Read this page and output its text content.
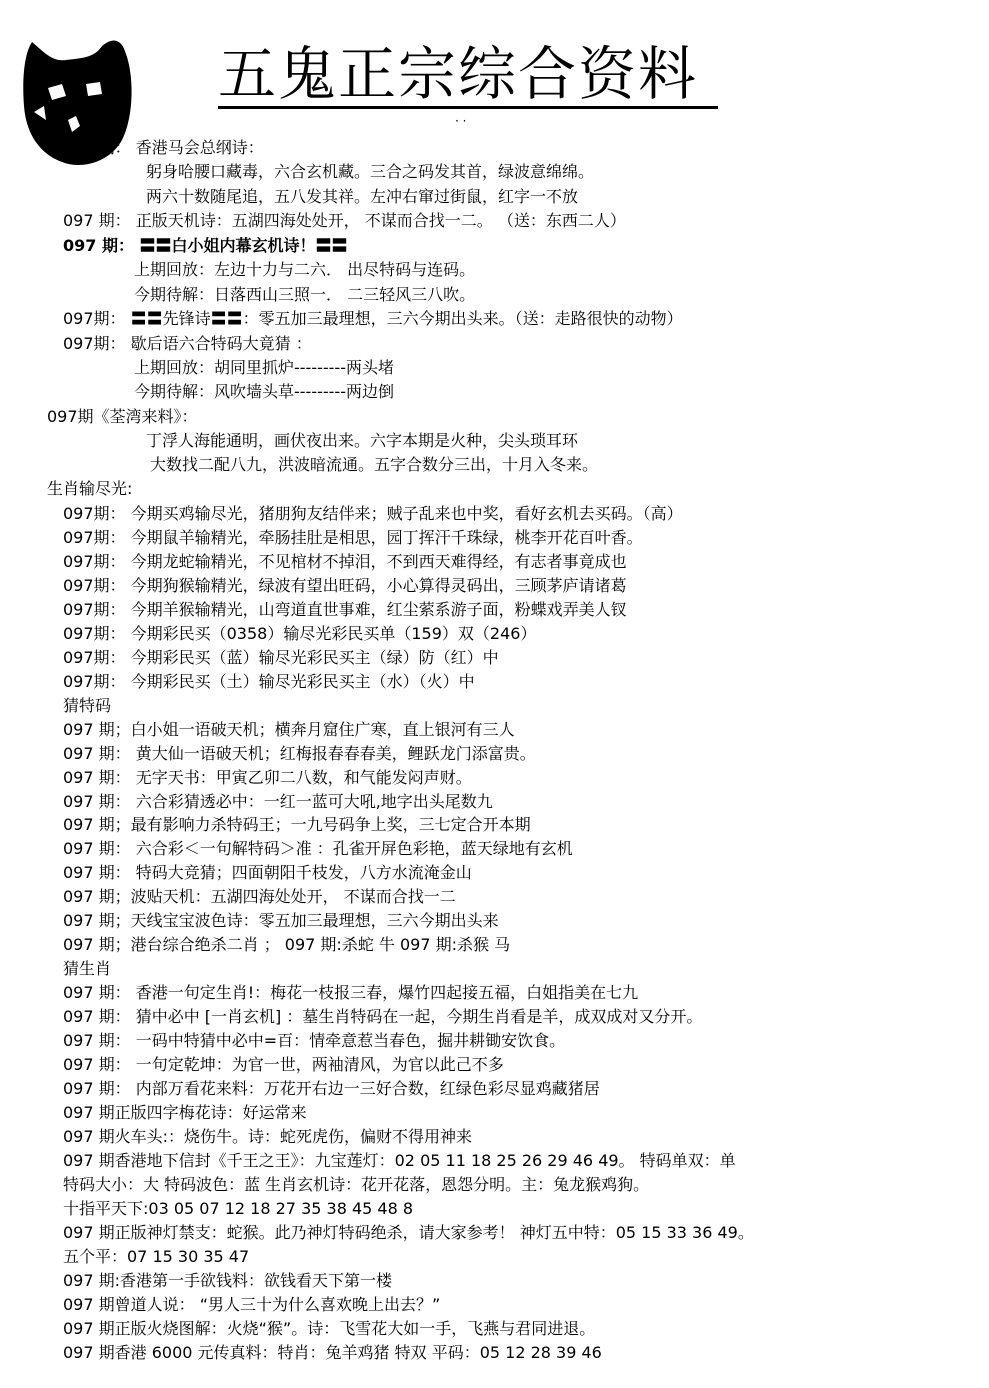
五鬼正宗综合资料
· ·
097 期： 香港马会总纲诗：
躬身哈腰口藏毒，六合玄机藏。三合之码发其首，绿波意绵绵。
两六十数随尾追，五八发其祥。左冲右窜过街鼠，红字一不放
097 期： 正版天机诗：五湖四海处处开， 不谋而合找一二。 （送：东西二人）
097 期： 〓〓白小姐内幕玄机诗！〓〓
上期回放：左边十力与二六． 出尽特码与连码。
今期待解：日落西山三照一． 二三轻风三八吹。
097期： 〓〓先锋诗〓〓：零五加三最理想，三六今期出头来。（送：走路很快的动物）
097期： 歇后语六合特码大竟猜 ：
上期回放：胡同里抓炉---------两头堵
今期待解：风吹墙头草---------两边倒
097期《荃湾来料》：
丁浮人海能通明，画伏夜出来。六字本期是火种，尖头琐耳环
大数找二配八九，洪波暗流通。五字合数分三出，十月入冬来。
生肖输尽光:
097期： 今期买鸡输尽光，猪朋狗友结伴来；贼子乱来也中奖，看好玄机去买码。（高）
097期： 今期鼠羊输精光，牵肠挂肚是相思，园丁挥汗千珠绿，桃李开花百叶香。
097期： 今期龙蛇输精光，不见棺材不掉泪，不到西天难得经，有志者事竟成也
097期： 今期狗猴输精光，绿波有望出旺码，小心算得灵码出，三顾茅庐请诸葛
097期： 今期羊猴输精光，山弯道直世事难，红尘萦系游子面，粉蝶戏弄美人钗
097期： 今期彩民买（0358）输尽光彩民买单（159）双（246）
097期： 今期彩民买（蓝）输尽光彩民买主（绿）防（红）中
097期： 今期彩民买（土）输尽光彩民买主（水）（火）中
猜特码
097 期；白小姐一语破天机；横奔月窟住广寒，直上银河有三人
097 期： 黄大仙一语破天机；红梅报春春春美，鲤跃龙门添富贵。
097 期： 无字天书：甲寅乙卯二八数，和气能发闷声财。
097 期： 六合彩猜透必中：一红一蓝可大吼,地字出头尾数九
097 期；最有影响力杀特码王；一九号码争上奖，三七定合开本期
097 期： 六合彩＜一句解特码＞准 ：孔雀开屏色彩艳，蓝天绿地有玄机
097 期： 特码大竞猜；四面朝阳千枝发，八方水流淹金山
097 期；波贴天机：五湖四海处处开， 不谋而合找一二
097 期；天线宝宝波色诗：零五加三最理想，三六今期出头来
097 期；港台综合绝杀二肖 ； 097 期:杀蛇 牛 097 期:杀猴 马
猜生肖
097 期： 香港一句定生肖!：梅花一枝报三春，爆竹四起接五福，白姐指美在七九
097 期： 猜中必中 [一肖玄机] ：墓生肖特码在一起，今期生肖看是羊，成双成对又分开。
097 期： 一码中特猜中必中=百：情牵意惹当春色，掘井耕锄安饮食。
097 期： 一句定乾坤：为官一世，两袖清风，为官以此己不多
097 期： 内部万看花来料：万花开右边一三好合数，红绿色彩尽显鸡藏猪居
097 期正版四字梅花诗：好运常来
097 期火车头:：烧伤牛。诗：蛇死虎伤，偏财不得用神来
097 期香港地下信封《千王之王》：九宝莲灯：02 05 11 18 25 26 29 46 49。 特码单双：单
特码大小：大 特码波色：蓝 生肖玄机诗：花开花落，恩怨分明。主：兔龙猴鸡狗。
十指平天下:03 05 07 12 18 27 35 38 45 48 8
097 期正版神灯禁支：蛇猴。此乃神灯特码绝杀，请大家参考！ 神灯五中特：05 15 33 36 49。
五个平：07 15 30 35 47
097 期:香港第一手欲钱料：欲钱看天下第一楼
097 期曾道人说： “男人三十为什么喜欢晚上出去？”
097 期正版火烧图解：火烧“猴”。诗：飞雪花大如一手，飞燕与君同进退。
097 期香港 6000 元传真料：特肖：兔羊鸡猪 特双 平码：05 12 28 39 46
